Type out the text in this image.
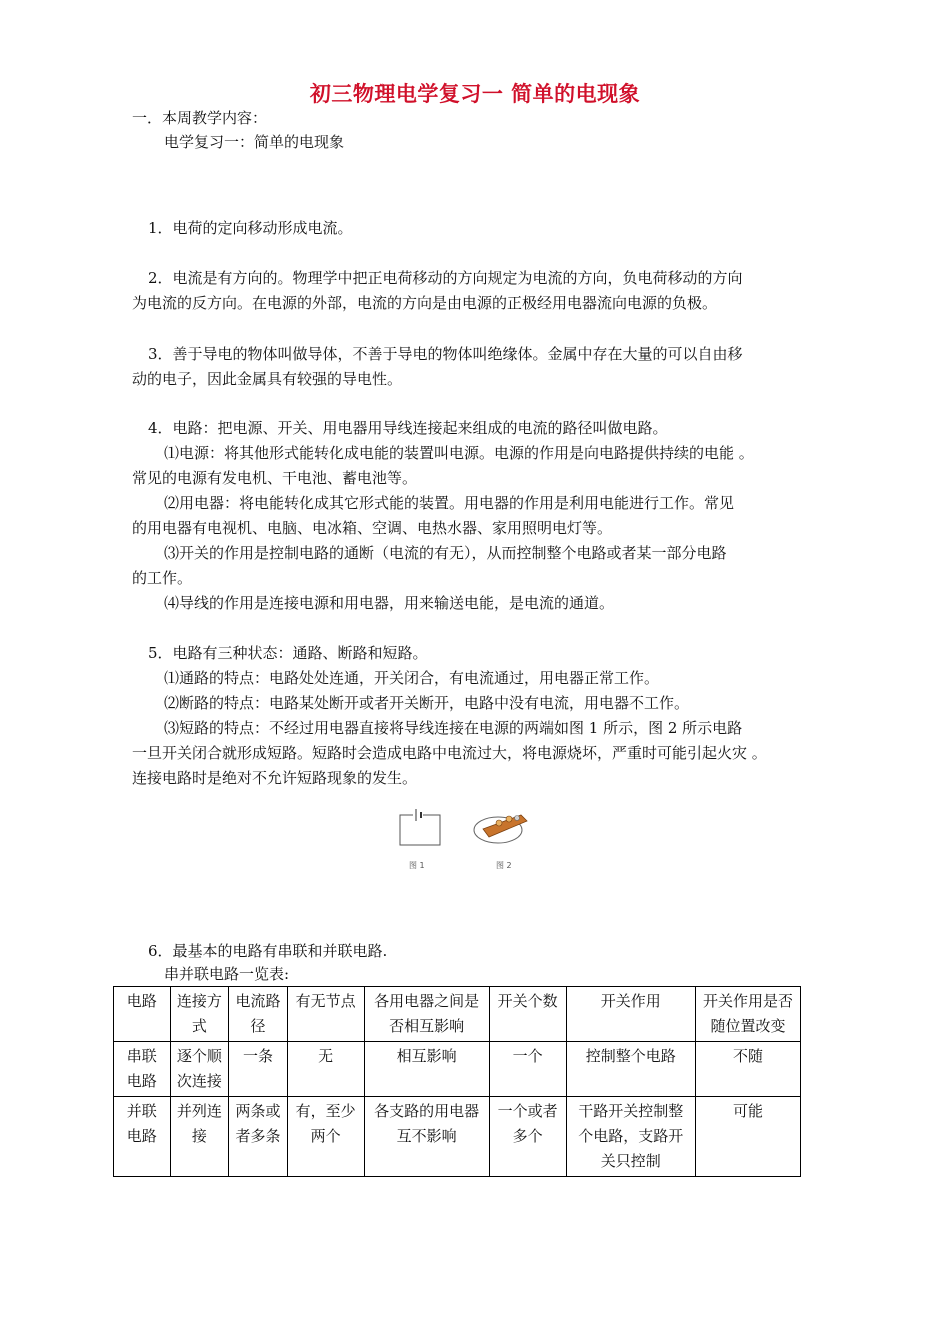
初三物理电学复习一 简单的电现象
一．本周教学内容：
电学复习一：简单的电现象
1．电荷的定向移动形成电流。
2．电流是有方向的。物理学中把正电荷移动的方向规定为电流的方向，负电荷移动的方向
为电流的反方向。在电源的外部，电流的方向是由电源的正极经用电器流向电源的负极。
3．善于导电的物体叫做导体，不善于导电的物体叫绝缘体。金属中存在大量的可以自由移
动的电子，因此金属具有较强的导电性。
4．电路：把电源、开关、用电器用导线连接起来组成的电流的路径叫做电路。
⑴电源：将其他形式能转化成电能的装置叫电源。电源的作用是向电路提供持续的电能 。
常见的电源有发电机、干电池、蓄电池等。
⑵用电器：将电能转化成其它形式能的装置。用电器的作用是利用电能进行工作。常见
的用电器有电视机、电脑、电冰箱、空调、电热水器、家用照明电灯等。
⑶开关的作用是控制电路的通断（电流的有无），从而控制整个电路或者某一部分电路
的工作。
⑷导线的作用是连接电源和用电器，用来输送电能，是电流的通道。
5．电路有三种状态：通路、断路和短路。
⑴通路的特点：电路处处连通，开关闭合，有电流通过，用电器正常工作。
⑵断路的特点：电路某处断开或者开关断开，电路中没有电流，用电器不工作。
⑶短路的特点：不经过用电器直接将导线连接在电源的两端如图 1 所示，图 2 所示电路
一旦开关闭合就形成短路。短路时会造成电路中电流过大，将电源烧坏，严重时可能引起火灾 。
连接电路时是绝对不允许短路现象的发生。
图 1	图 2
6．最基本的电路有串联和并联电路.
串并联电路一览表:
电路	连接方式	电流路径	有无节点	各用电器之间是否相互影响	开关个数	开关作用	开关作用是否随位置改变
串联电路	逐个顺次连接	一条	无	相互影响	一个	控制整个电路	不随
并联电路	并列连接	两条或者多条	有，至少两个	各支路的用电器互不影响	一个或者多个	干路开关控制整个电路，支路开关只控制	可能
